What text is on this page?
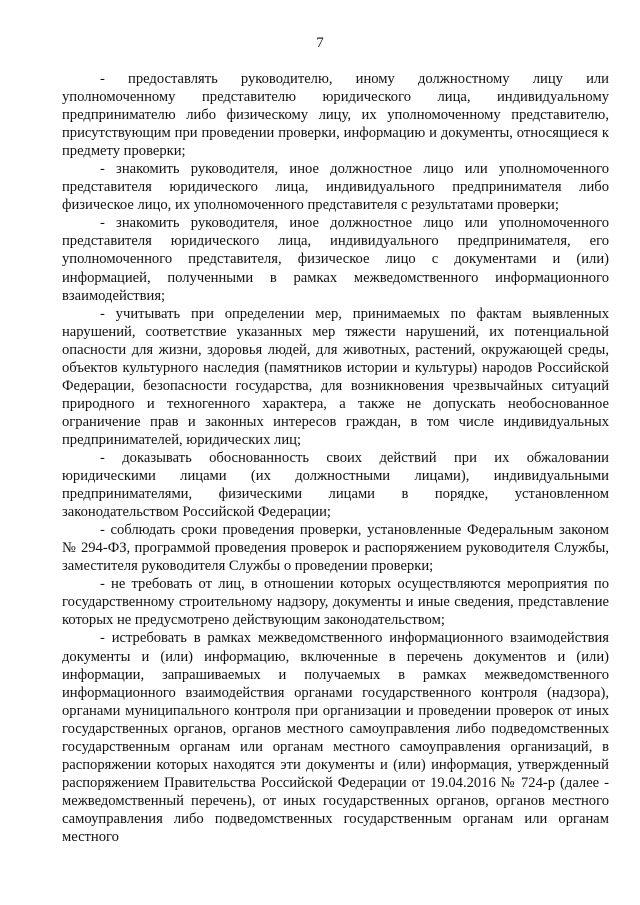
7

- предоставлять руководителю, иному должностному лицу или уполномоченному представителю юридического лица, индивидуальному предпринимателю либо физическому лицу, их уполномоченному представителю, присутствующим при проведении проверки, информацию и документы, относящиеся к предмету проверки;

- знакомить руководителя, иное должностное лицо или уполномоченного представителя юридического лица, индивидуального предпринимателя либо физическое лицо, их уполномоченного представителя с результатами проверки;

- знакомить руководителя, иное должностное лицо или уполномоченного представителя юридического лица, индивидуального предпринимателя, его уполномоченного представителя, физическое лицо с документами и (или) информацией, полученными в рамках межведомственного информационного взаимодействия;

- учитывать при определении мер, принимаемых по фактам выявленных нарушений, соответствие указанных мер тяжести нарушений, их потенциальной опасности для жизни, здоровья людей, для животных, растений, окружающей среды, объектов культурного наследия (памятников истории и культуры) народов Российской Федерации, безопасности государства, для возникновения чрезвычайных ситуаций природного и техногенного характера, а также не допускать необоснованное ограничение прав и законных интересов граждан, в том числе индивидуальных предпринимателей, юридических лиц;

- доказывать обоснованность своих действий при их обжаловании юридическими лицами (их должностными лицами), индивидуальными предпринимателями, физическими лицами в порядке, установленном законодательством Российской Федерации;

- соблюдать сроки проведения проверки, установленные Федеральным законом № 294-ФЗ, программой проведения проверок и распоряжением руководителя Службы, заместителя руководителя Службы о проведении проверки;

- не требовать от лиц, в отношении которых осуществляются мероприятия по государственному строительному надзору, документы и иные сведения, представление которых не предусмотрено действующим законодательством;

- истребовать в рамках межведомственного информационного взаимодействия документы и (или) информацию, включенные в перечень документов и (или) информации, запрашиваемых и получаемых в рамках межведомственного информационного взаимодействия органами государственного контроля (надзора), органами муниципального контроля при организации и проведении проверок от иных государственных органов, органов местного самоуправления либо подведомственных государственным органам или органам местного самоуправления организаций, в распоряжении которых находятся эти документы и (или) информация, утвержденный распоряжением Правительства Российской Федерации от 19.04.2016 № 724-р (далее - межведомственный перечень), от иных государственных органов, органов местного самоуправления либо подведомственных государственным органам или органам местного
